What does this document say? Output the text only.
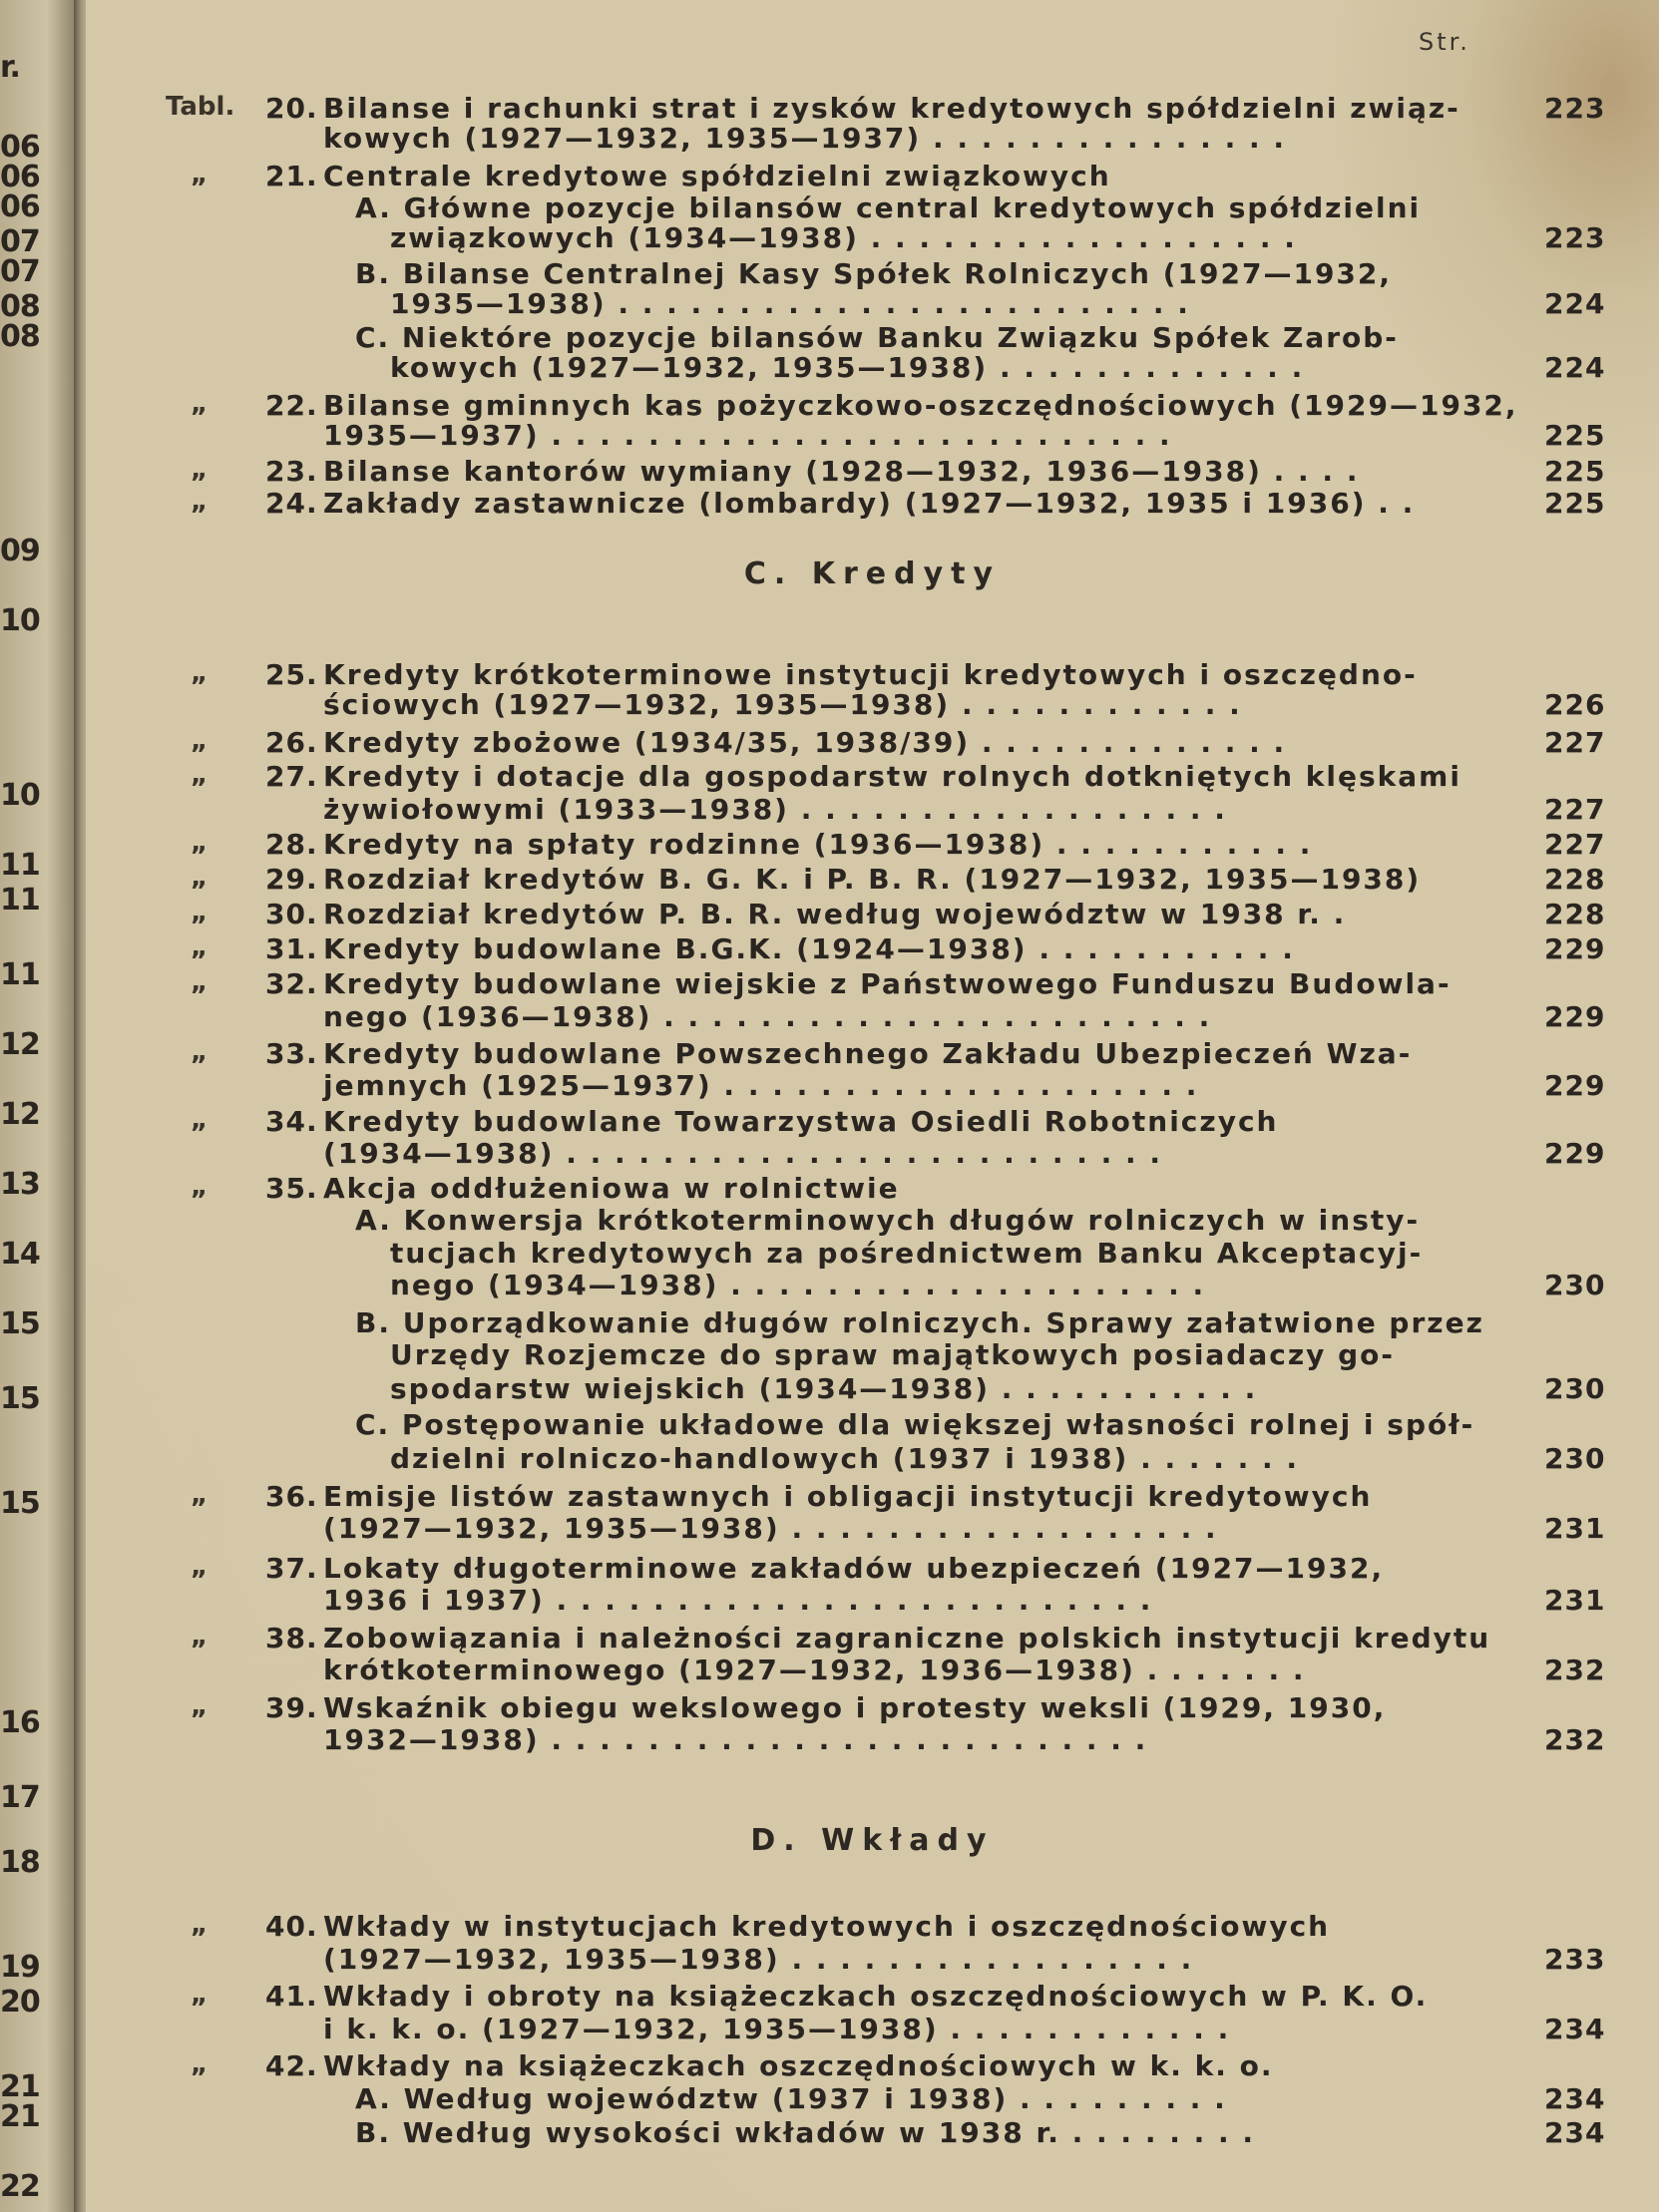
r.
06
06
06
07
07
08
08
09
10
10
11
11
11
12
12
13
14
15
15
15
16
17
18
19
20
21
21
22
Str.
C. Kredyty
D. Wkłady
Tabl. 20. Bilanse i rachunki strat i zysków kredytowych spółdzielni związ-	223
kowych (1927—1932, 1935—1937) . . . . . . . . . . . . . . .
„ 21. Centrale kredytowe spółdzielni związkowych
A. Główne pozycje bilansów central kredytowych spółdzielni
związkowych (1934—1938) . . . . . . . . . . . . . . . . . .	223
B. Bilanse Centralnej Kasy Spółek Rolniczych (1927—1932,
1935—1938) . . . . . . . . . . . . . . . . . . . . . . . .	224
C. Niektóre pozycje bilansów Banku Związku Spółek Zarob-
kowych (1927—1932, 1935—1938) . . . . . . . . . . . . .	224
„ 22. Bilanse gminnych kas pożyczkowo-oszczędnościowych (1929—1932,
1935—1937) . . . . . . . . . . . . . . . . . . . . . . . . . .	225
„ 23. Bilanse kantorów wymiany (1928—1932, 1936—1938) . . . .	225
„ 24. Zakłady zastawnicze (lombardy) (1927—1932, 1935 i 1936) . .	225
„ 25. Kredyty krótkoterminowe instytucji kredytowych i oszczędno-
ściowych (1927—1932, 1935—1938) . . . . . . . . . . . .	226
„ 26. Kredyty zbożowe (1934/35, 1938/39) . . . . . . . . . . . . .	227
„ 27. Kredyty i dotacje dla gospodarstw rolnych dotkniętych klęskami
żywiołowymi (1933—1938) . . . . . . . . . . . . . . . . . .	227
„ 28. Kredyty na spłaty rodzinne (1936—1938) . . . . . . . . . . .	227
„ 29. Rozdział kredytów B. G. K. i P. B. R. (1927—1932, 1935—1938)	228
„ 30. Rozdział kredytów P. B. R. według województw w 1938 r. .	228
„ 31. Kredyty budowlane B.G.K. (1924—1938) . . . . . . . . . . .	229
„ 32. Kredyty budowlane wiejskie z Państwowego Funduszu Budowla-
nego (1936—1938) . . . . . . . . . . . . . . . . . . . . . . .	229
„ 33. Kredyty budowlane Powszechnego Zakładu Ubezpieczeń Wza-
jemnych (1925—1937) . . . . . . . . . . . . . . . . . . . .	229
„ 34. Kredyty budowlane Towarzystwa Osiedli Robotniczych
(1934—1938) . . . . . . . . . . . . . . . . . . . . . . . . .	229
„ 35. Akcja oddłużeniowa w rolnictwie
A. Konwersja krótkoterminowych długów rolniczych w insty-
tucjach kredytowych za pośrednictwem Banku Akceptacyj-
nego (1934—1938) . . . . . . . . . . . . . . . . . . . .	230
B. Uporządkowanie długów rolniczych. Sprawy załatwione przez
Urzędy Rozjemcze do spraw majątkowych posiadaczy go-
spodarstw wiejskich (1934—1938) . . . . . . . . . . .	230
C. Postępowanie układowe dla większej własności rolnej i spół-
dzielni rolniczo-handlowych (1937 i 1938) . . . . . . .	230
„ 36. Emisje listów zastawnych i obligacji instytucji kredytowych
(1927—1932, 1935—1938) . . . . . . . . . . . . . . . . . .	231
„ 37. Lokaty długoterminowe zakładów ubezpieczeń (1927—1932,
1936 i 1937) . . . . . . . . . . . . . . . . . . . . . . . . .	231
„ 38. Zobowiązania i należności zagraniczne polskich instytucji kredytu
krótkoterminowego (1927—1932, 1936—1938) . . . . . . .	232
„ 39. Wskaźnik obiegu wekslowego i protesty weksli (1929, 1930,
1932—1938) . . . . . . . . . . . . . . . . . . . . . . . . .	232
„ 40. Wkłady w instytucjach kredytowych i oszczędnościowych
(1927—1932, 1935—1938) . . . . . . . . . . . . . . . . .	233
„ 41. Wkłady i obroty na książeczkach oszczędnościowych w P. K. O.
i k. k. o. (1927—1932, 1935—1938) . . . . . . . . . . . .	234
„ 42. Wkłady na książeczkach oszczędnościowych w k. k. o.
A. Według województw (1937 i 1938) . . . . . . . . .	234
B. Według wysokości wkładów w 1938 r. . . . . . . . .	234
